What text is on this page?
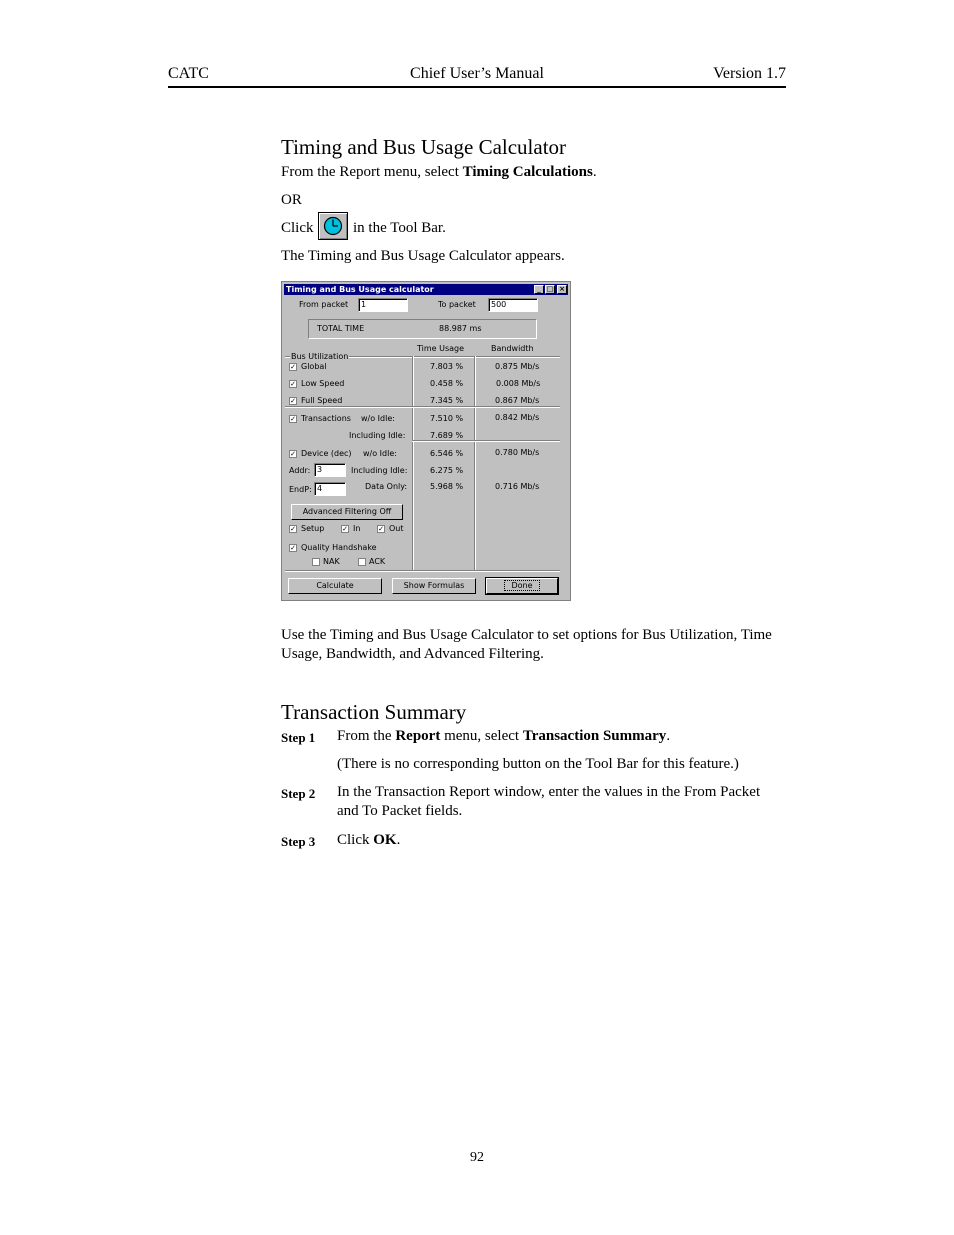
CATC	Chief User’s Manual	Version 1.7
Timing and Bus Usage Calculator
From the Report menu, select Timing Calculations.
OR
Click	in the Tool Bar.
The Timing and Bus Usage Calculator appears.
Timing and Bus Usage calculator	_ □ ×
From packet	1	To packet	500
TOTAL TIME	88.987 ms
Time Usage	Bandwidth
Bus Utilization
✓ Global	7.803 %	0.875 Mb/s
✓ Low Speed	0.458 %	0.008 Mb/s
✓ Full Speed	7.345 %	0.867 Mb/s
✓ Transactions w/o Idle:	7.510 %	0.842 Mb/s
Including Idle:	7.689 %
✓ Device (dec) w/o Idle:	6.546 %	0.780 Mb/s
Addr: 3	Including Idle:	6.275 %
EndP: 4	Data Only:	5.968 %	0.716 Mb/s
Advanced Filtering Off
✓ Setup	✓ In	✓ Out
✓ Quality Handshake
NAK	ACK
Calculate	Show Formulas	Done
Use the Timing and Bus Usage Calculator to set options for Bus Utilization, Time Usage, Bandwidth, and Advanced Filtering.
Transaction Summary
Step 1 From the Report menu, select Transaction Summary.
(There is no corresponding button on the Tool Bar for this feature.)
Step 2 In the Transaction Report window, enter the values in the From Packet
and To Packet fields.
Step 3 Click OK.
92
